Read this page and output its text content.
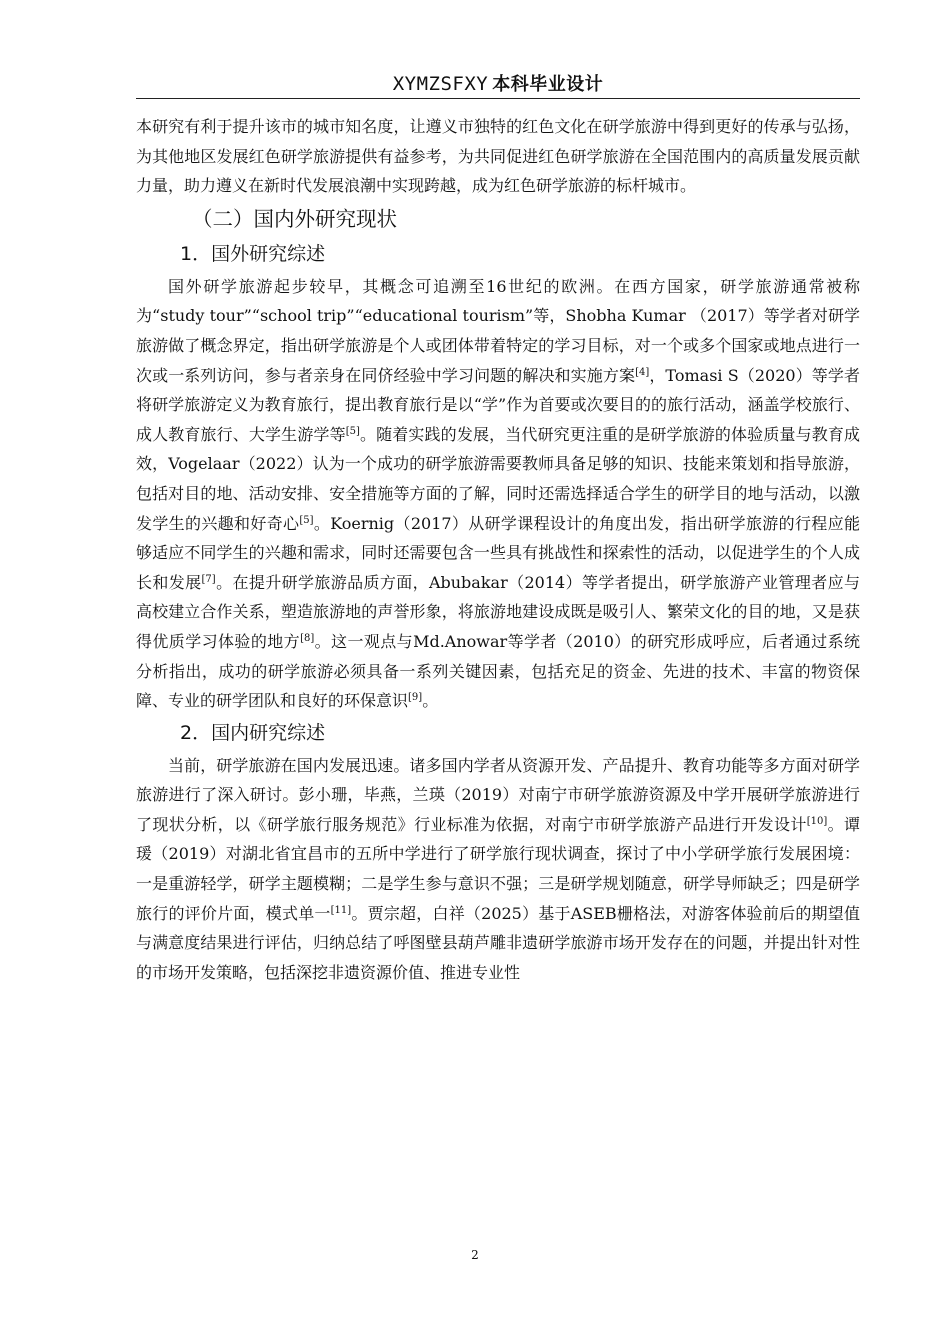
XYMZSFXY 本科毕业设计

本研究有利于提升该市的城市知名度，让遵义市独特的红色文化在研学旅游中得到更好的传承与弘扬，为其他地区发展红色研学旅游提供有益参考，为共同促进红色研学旅游在全国范围内的高质量发展贡献力量，助力遵义在新时代发展浪潮中实现跨越，成为红色研学旅游的标杆城市。

（二）国内外研究现状
1．国外研究综述

国外研学旅游起步较早，其概念可追溯至16世纪的欧洲。在西方国家，研学旅游通常被称为“study tour”“school trip”“educational tourism”等，Shobha Kumar （2017）等学者对研学旅游做了概念界定，指出研学旅游是个人或团体带着特定的学习目标，对一个或多个国家或地点进行一次或一系列访问，参与者亲身在同侪经验中学习问题的解决和实施方案[4]，Tomasi S（2020）等学者将研学旅游定义为教育旅行，提出教育旅行是以“学”作为首要或次要目的的旅行活动，涵盖学校旅行、成人教育旅行、大学生游学等[5]。随着实践的发展，当代研究更注重的是研学旅游的体验质量与教育成效，Vogelaar（2022）认为一个成功的研学旅游需要教师具备足够的知识、技能来策划和指导旅游，包括对目的地、活动安排、安全措施等方面的了解，同时还需选择适合学生的研学目的地与活动，以激发学生的兴趣和好奇心[5]。Koernig（2017）从研学课程设计的角度出发，指出研学旅游的行程应能够适应不同学生的兴趣和需求，同时还需要包含一些具有挑战性和探索性的活动，以促进学生的个人成长和发展[7]。在提升研学旅游品质方面，Abubakar（2014）等学者提出，研学旅游产业管理者应与高校建立合作关系，塑造旅游地的声誉形象，将旅游地建设成既是吸引人、繁荣文化的目的地，又是获得优质学习体验的地方[8]。这一观点与Md.Anowar等学者（2010）的研究形成呼应，后者通过系统分析指出，成功的研学旅游必须具备一系列关键因素，包括充足的资金、先进的技术、丰富的物资保障、专业的研学团队和良好的环保意识[9]。

2．国内研究综述

当前，研学旅游在国内发展迅速。诸多国内学者从资源开发、产品提升、教育功能等多方面对研学旅游进行了深入研讨。彭小珊，毕燕，兰瑛（2019）对南宁市研学旅游资源及中学开展研学旅游进行了现状分析，以《研学旅行服务规范》行业标准为依据，对南宁市研学旅游产品进行开发设计[10]。谭瑗（2019）对湖北省宜昌市的五所中学进行了研学旅行现状调查，探讨了中小学研学旅行发展困境：一是重游轻学，研学主题模糊；二是学生参与意识不强；三是研学规划随意，研学导师缺乏；四是研学旅行的评价片面，模式单一[11]。贾宗超，白祥（2025）基于ASEB栅格法，对游客体验前后的期望值与满意度结果进行评估，归纳总结了呼图壁县葫芦雕非遗研学旅游市场开发存在的问题，并提出针对性的市场开发策略，包括深挖非遗资源价值、推进专业性

2
